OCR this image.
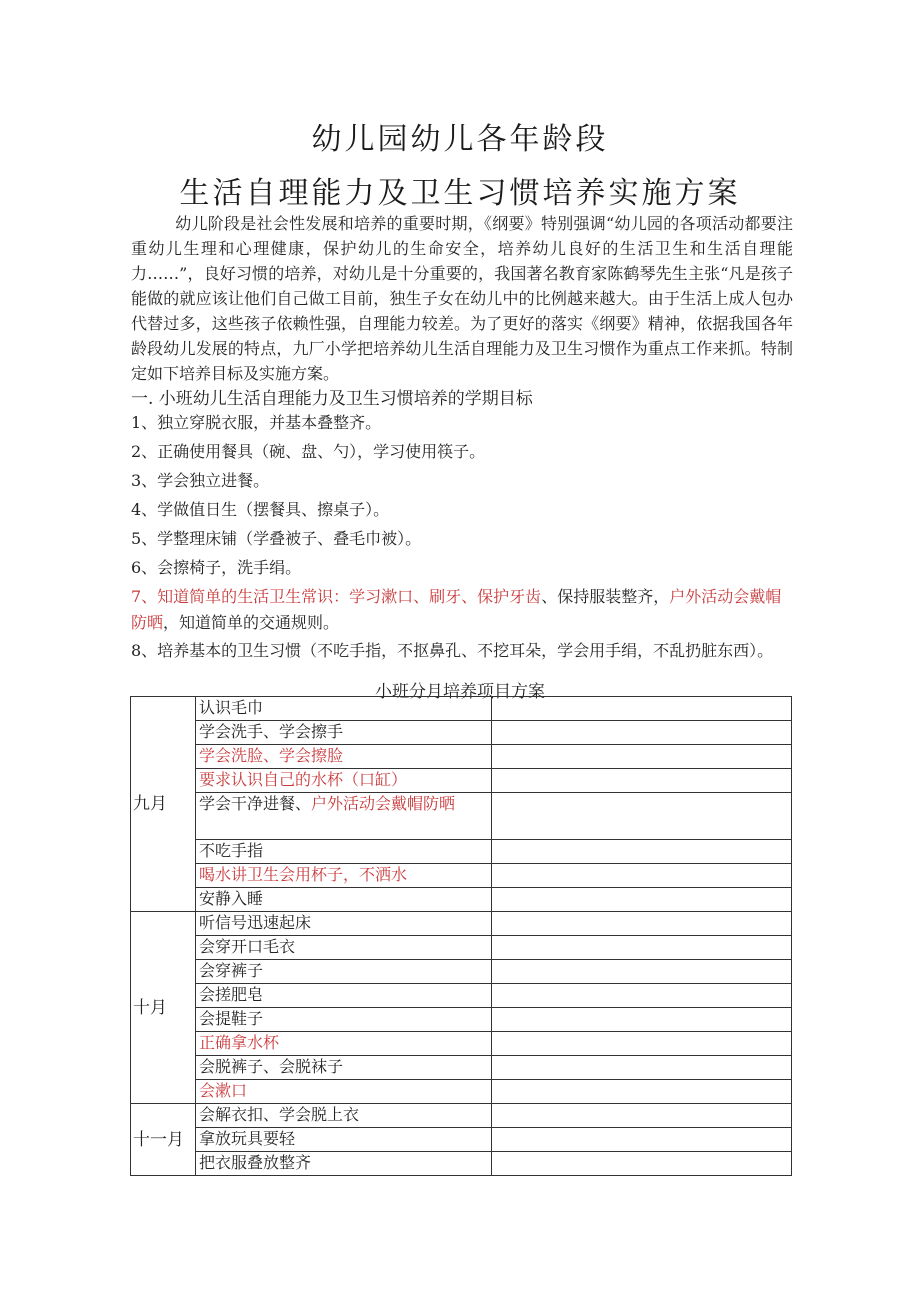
幼儿园幼儿各年龄段
生活自理能力及卫生习惯培养实施方案
幼儿阶段是社会性发展和培养的重要时期，《纲要》特别强调“幼儿园的各项活动都要注重幼儿生理和心理健康，保护幼儿的生命安全，培养幼儿良好的生活卫生和生活自理能力……”，良好习惯的培养，对幼儿是十分重要的，我国著名教育家陈鹤琴先生主张“凡是孩子能做的就应该让他们自己做工目前，独生子女在幼儿中的比例越来越大。由于生活上成人包办代替过多，这些孩子依赖性强，自理能力较差。为了更好的落实《纲要》精神，依据我国各年龄段幼儿发展的特点，九厂小学把培养幼儿生活自理能力及卫生习惯作为重点工作来抓。特制定如下培养目标及实施方案。
一. 小班幼儿生活自理能力及卫生习惯培养的学期目标
1、独立穿脱衣服，并基本叠整齐。
2、正确使用餐具（碗、盘、勺），学习使用筷子。
3、学会独立进餐。
4、学做值日生（摆餐具、擦桌子）。
5、学整理床铺（学叠被子、叠毛巾被）。
6、会擦椅子，洗手绢。
7、知道简单的生活卫生常识：学习漱口、刷牙、保护牙齿、保持服装整齐，户外活动会戴帽防晒，知道简单的交通规则。
8、培养基本的卫生习惯（不吃手指，不抠鼻孔、不挖耳朵，学会用手绢，不乱扔脏东西）。
小班分月培养项目方案
九月	认识毛巾	
	学会洗手、学会擦手	
	学会洗脸、学会擦脸	
	要求认识自己的水杯（口缸）	
	学会干净进餐、户外活动会戴帽防晒	
	不吃手指	
	喝水讲卫生会用杯子，不洒水	
	安静入睡	
十月	听信号迅速起床	
	会穿开口毛衣	
	会穿裤子	
	会搓肥皂	
	会提鞋子	
	正确拿水杯	
	会脱裤子、会脱袜子	
	会漱口	
十一月	会解衣扣、学会脱上衣	
	拿放玩具要轻	
	把衣服叠放整齐	
